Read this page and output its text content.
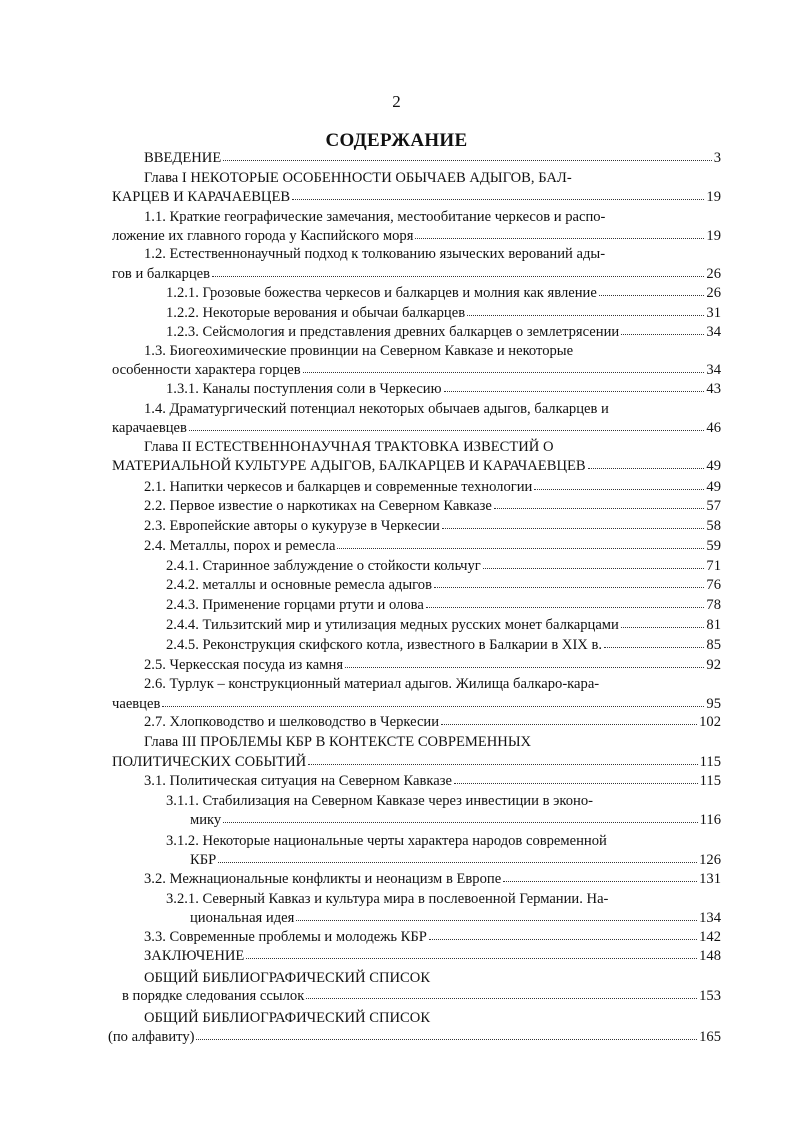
2
СОДЕРЖАНИЕ
ВВЕДЕНИЕ	3
Глава I НЕКОТОРЫЕ ОСОБЕННОСТИ ОБЫЧАЕВ АДЫГОВ, БАЛ-
КАРЦЕВ И КАРАЧАЕВЦЕВ	19
1.1. Краткие географические замечания, местообитание черкесов и распо-
ложение их главного города у Каспийского моря	19
1.2. Естественнонаучный подход к толкованию языческих верований ады-
гов и балкарцев	26
1.2.1. Грозовые божества черкесов и балкарцев и молния как явление	26
1.2.2. Некоторые верования и обычаи балкарцев	31
1.2.3. Сейсмология и представления древних балкарцев о землетрясении	34
1.3. Биогеохимические провинции на Северном Кавказе и некоторые
особенности характера горцев	34
1.3.1. Каналы поступления соли в Черкесию	43
1.4. Драматургический потенциал некоторых обычаев адыгов, балкарцев и
карачаевцев	46
Глава II ЕСТЕСТВЕННОНАУЧНАЯ ТРАКТОВКА ИЗВЕСТИЙ О
МАТЕРИАЛЬНОЙ КУЛЬТУРЕ АДЫГОВ, БАЛКАРЦЕВ И КАРАЧАЕВЦЕВ	49
2.1. Напитки черкесов и балкарцев и современные технологии	49
2.2. Первое известие о наркотиках на Северном Кавказе	57
2.3. Европейские авторы о кукурузе в Черкесии	58
2.4. Металлы, порох и ремесла	59
2.4.1. Старинное заблуждение о стойкости кольчуг	71
2.4.2. металлы и основные ремесла адыгов	76
2.4.3. Применение горцами ртути и олова	78
2.4.4. Тильзитский мир и утилизация медных русских монет балкарцами	81
2.4.5. Реконструкция скифского котла, известного в Балкарии в XIX в.	85
2.5. Черкесская посуда из камня	92
2.6. Турлук – конструкционный материал адыгов. Жилища балкаро-кара-
чаевцев	95
2.7. Хлопководство и шелководство в Черкесии	102
Глава III ПРОБЛЕМЫ КБР В КОНТЕКСТЕ СОВРЕМЕННЫХ
ПОЛИТИЧЕСКИХ СОБЫТИЙ	115
3.1. Политическая ситуация на Северном Кавказе	115
3.1.1. Стабилизация на Северном Кавказе через инвестиции в эконо-
мику	116
3.1.2. Некоторые национальные черты характера народов современной
КБР	126
3.2. Межнациональные конфликты и неонацизм в Европе	131
3.2.1. Северный Кавказ и культура мира в послевоенной Германии. На-
циональная идея	134
3.3. Современные проблемы и молодежь КБР	142
ЗАКЛЮЧЕНИЕ	148
ОБЩИЙ БИБЛИОГРАФИЧЕСКИЙ СПИСОК
в порядке следования ссылок	153
ОБЩИЙ БИБЛИОГРАФИЧЕСКИЙ СПИСОК
(по алфавиту)	165
